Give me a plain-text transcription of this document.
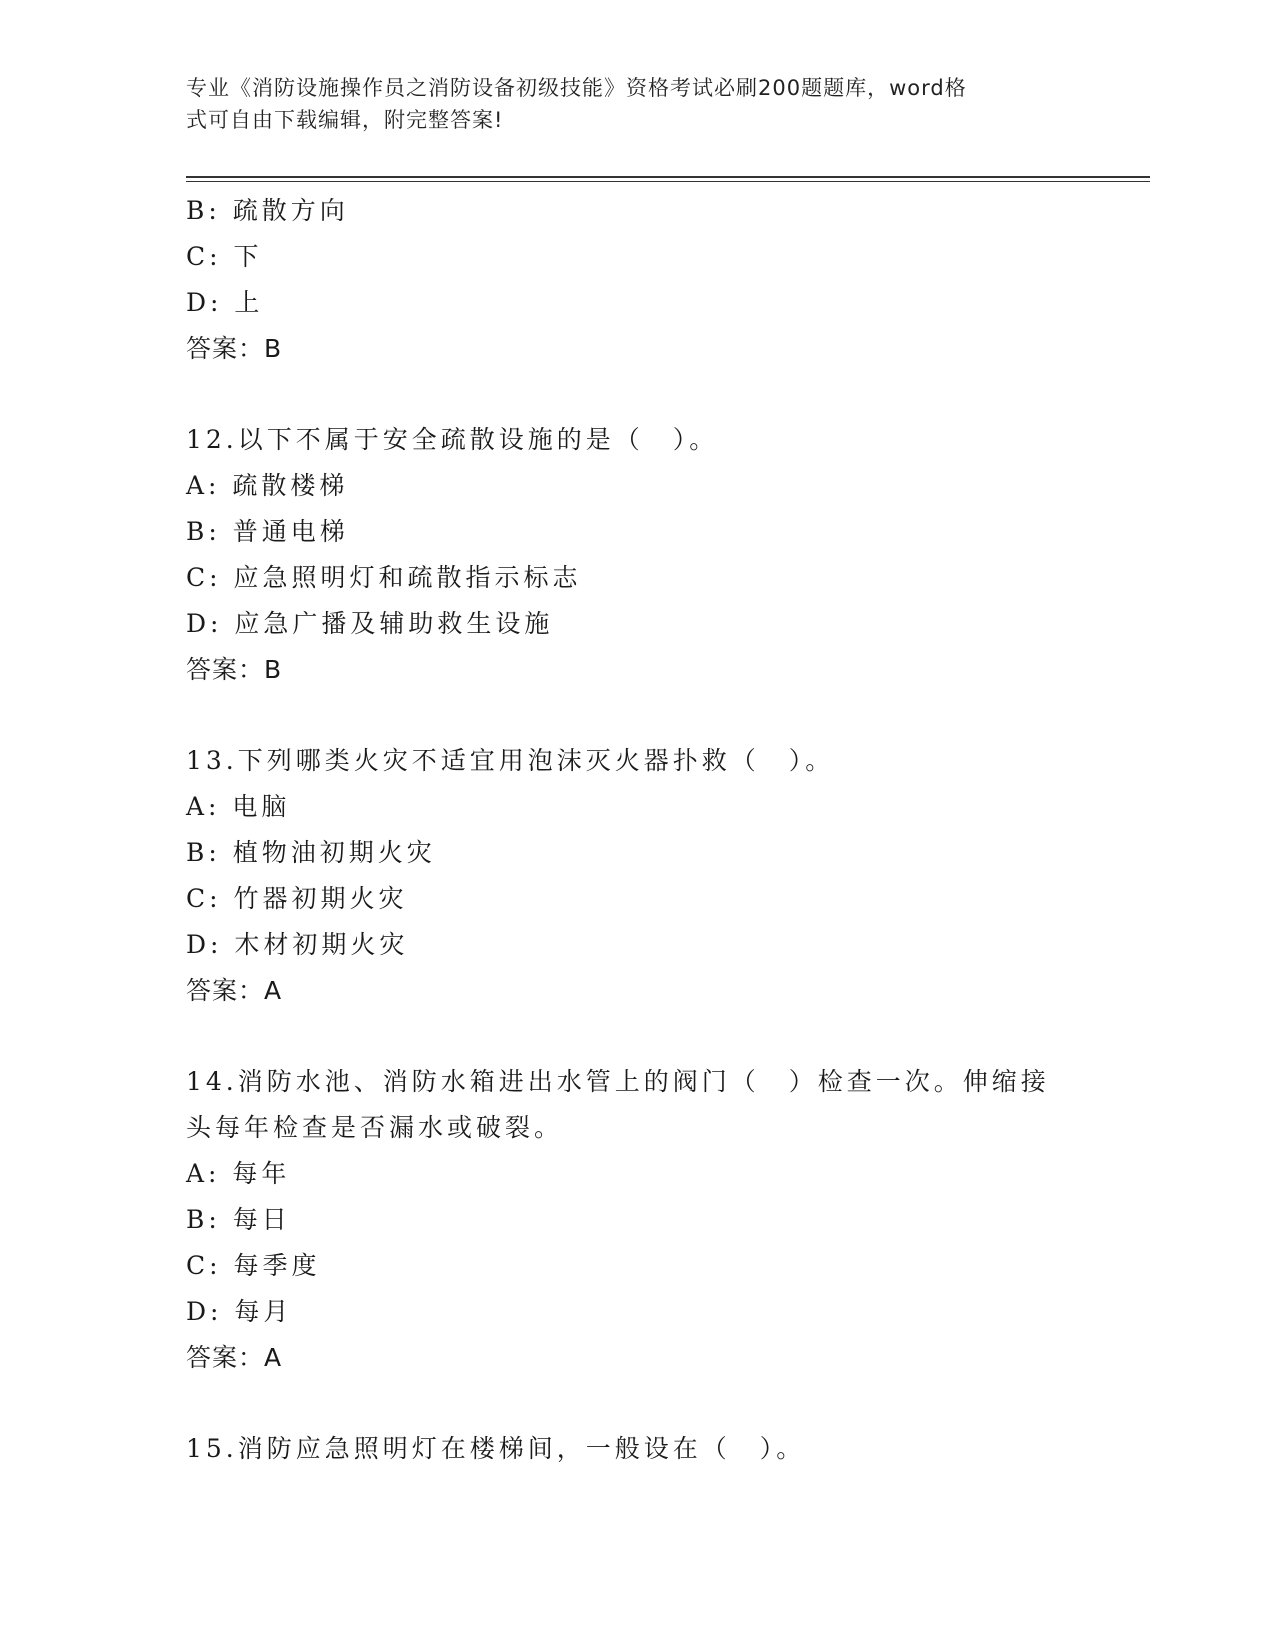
专业《消防设施操作员之消防设备初级技能》资格考试必刷200题题库，word格
式可自由下载编辑，附完整答案!
B: 疏散方向
C: 下
D: 上
答案：B
12.以下不属于安全疏散设施的是（　）。
A: 疏散楼梯
B: 普通电梯
C: 应急照明灯和疏散指示标志
D: 应急广播及辅助救生设施
答案：B
13.下列哪类火灾不适宜用泡沫灭火器扑救（　）。
A: 电脑
B: 植物油初期火灾
C: 竹器初期火灾
D: 木材初期火灾
答案：A
14.消防水池、消防水箱进出水管上的阀门（　）检查一次。伸缩接头每年检查是否漏水或破裂。
A: 每年
B: 每日
C: 每季度
D: 每月
答案：A
15.消防应急照明灯在楼梯间，一般设在（　）。
